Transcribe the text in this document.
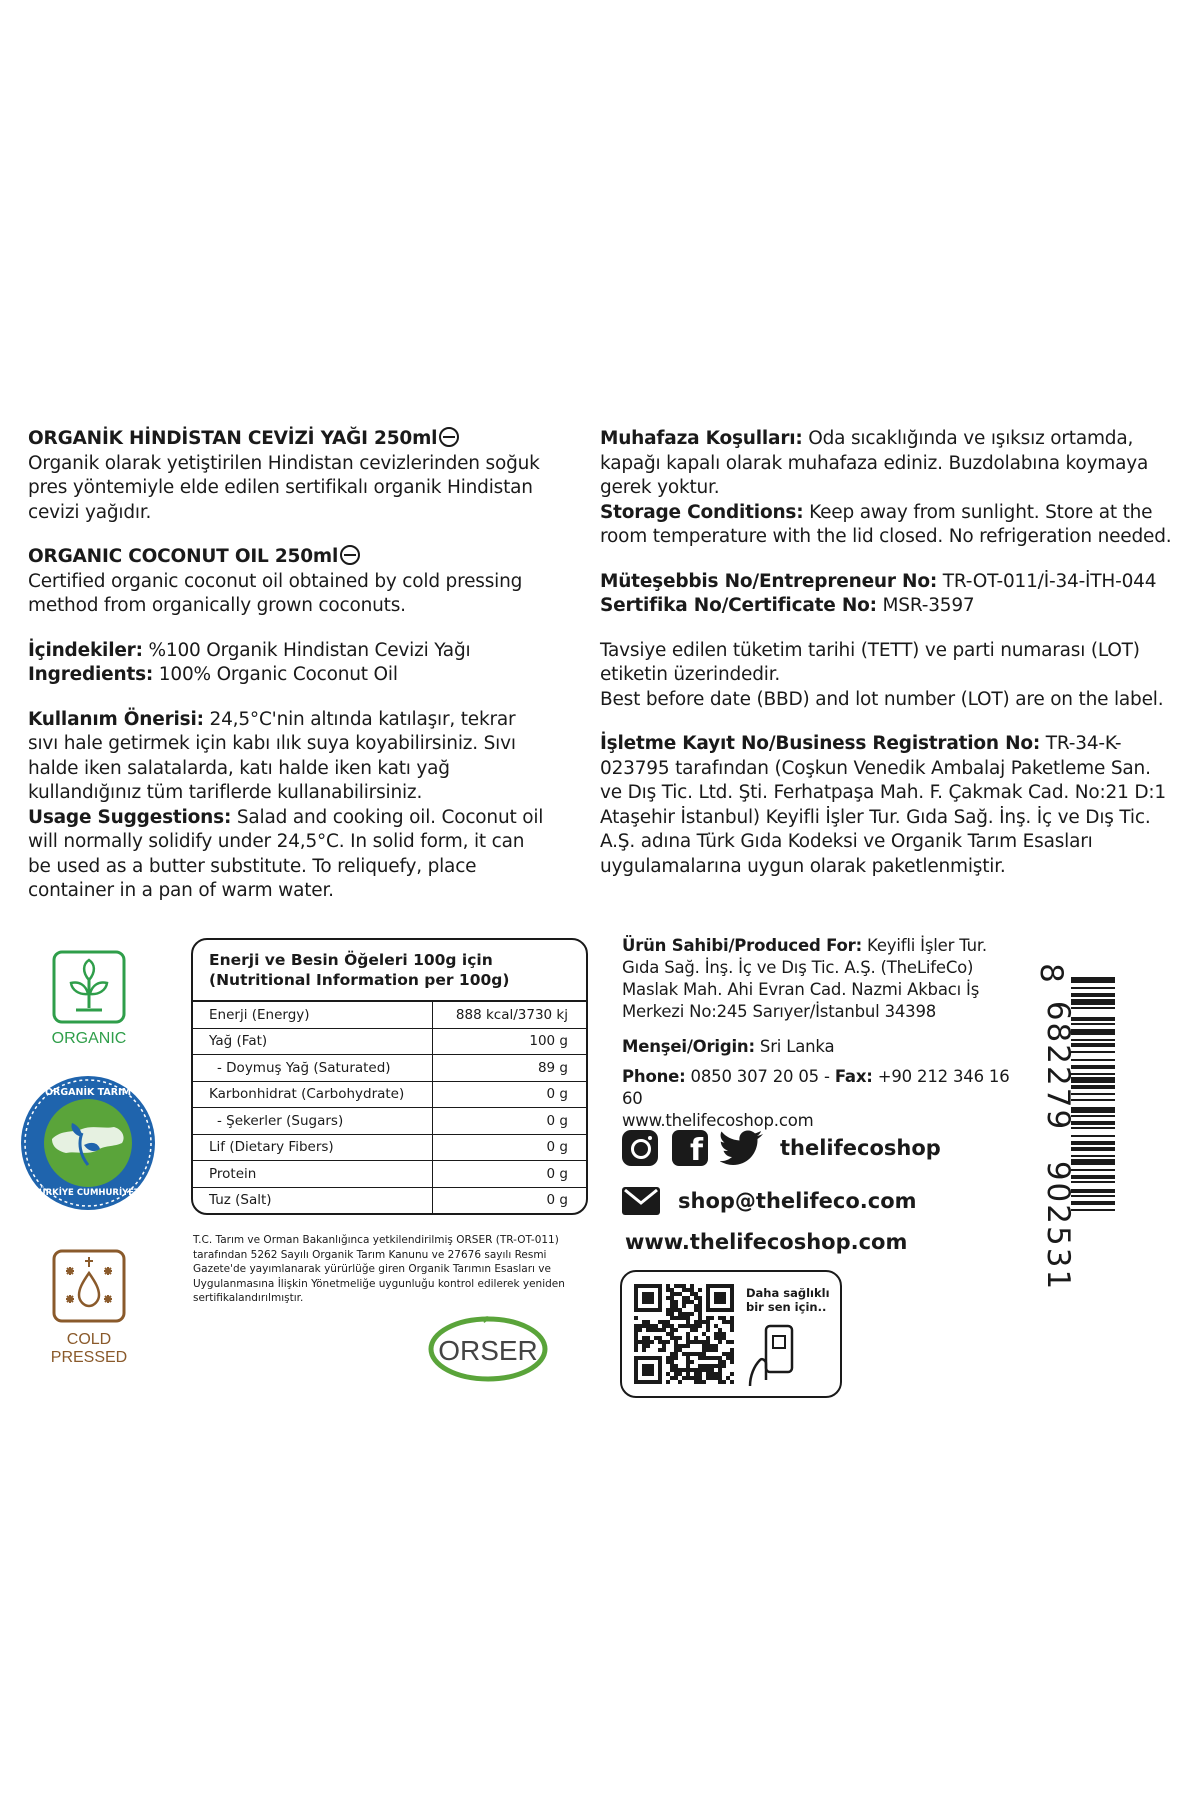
ORGANİK HİNDİSTAN CEVİZİ YAĞI 250ml

Organik olarak yetiştirilen Hindistan cevizlerinden soğuk pres yöntemiyle elde edilen sertifikalı organik Hindistan cevizi yağıdır.

ORGANIC COCONUT OIL 250ml

Certified organic coconut oil obtained by cold pressing method from organically grown coconuts.

İçindekiler: %100 Organik Hindistan Cevizi Yağı

Ingredients: 100% Organic Coconut Oil

Kullanım Önerisi: 24,5°C'nin altında katılaşır, tekrar sıvı hale getirmek için kabı ılık suya koyabilirsiniz. Sıvı halde iken salatalarda, katı halde iken katı yağ kullandığınız tüm tariflerde kullanabilirsiniz.

Usage Suggestions: Salad and cooking oil. Coconut oil will normally solidify under 24,5°C. In solid form, it can be used as a butter substitute. To reliquefy, place container in a pan of warm water.

Muhafaza Koşulları: Oda sıcaklığında ve ışıksız ortamda, kapağı kapalı olarak muhafaza ediniz. Buzdolabına koymaya gerek yoktur.

Storage Conditions: Keep away from sunlight. Store at the room temperature with the lid closed. No refrigeration needed.

Müteşebbis No/Entrepreneur No: TR-OT-011/İ-34-İTH-044

Sertifika No/Certificate No: MSR-3597

Tavsiye edilen tüketim tarihi (TETT) ve parti numarası (LOT) etiketin üzerindedir.

Best before date (BBD) and lot number (LOT) are on the label.

İşletme Kayıt No/Business Registration No: TR-34-K-023795 tarafından (Coşkun Venedik Ambalaj Paketleme San. ve Dış Tic. Ltd. Şti. Ferhatpaşa Mah. F. Çakmak Cad. No:21 D:1 Ataşehir İstanbul) Keyifli İşler Tur. Gıda Sağ. İnş. İç ve Dış Tic. A.Ş. adına Türk Gıda Kodeksi ve Organik Tarım Esasları uygulamalarına uygun olarak paketlenmiştir.

ORGANIC
ORGANİK TARIM
TÜRKİYE CUMHURİYETİ
COLD
PRESSED
Enerji ve Besin Öğeleri 100g için
(Nutritional Information per 100g)
Enerji (Energy)	888 kcal/3730 kj
Yağ (Fat)	100 g
- Doymuş Yağ (Saturated)	89 g
Karbonhidrat (Carbohydrate)	0 g
- Şekerler (Sugars)	0 g
Lif (Dietary Fibers)	0 g
Protein	0 g
Tuz (Salt)	0 g
T.C. Tarım ve Orman Bakanlığınca yetkilendirilmiş ORSER (TR-OT-011) tarafından 5262 Sayılı Organik Tarım Kanunu ve 27676 sayılı Resmi Gazete'de yayımlanarak yürürlüğe giren Organik Tarımın Esasları ve Uygulanmasına İlişkin Yönetmeliğe uygunluğu kontrol edilerek yeniden sertifikalandırılmıştır.
ORSER

Ürün Sahibi/Produced For: Keyifli İşler Tur. Gıda Sağ. İnş. İç ve Dış Tic. A.Ş. (TheLifeCo) Maslak Mah. Ahi Evran Cad. Nazmi Akbacı İş Merkezi No:245 Sarıyer/İstanbul 34398

Menşei/Origin: Sri Lanka

Phone: 0850 307 20 05 - Fax: +90 212 346 16 60

www.thelifecoshop.com

f	thelifecoshop
shop@thelifeco.com
www.thelifecoshop.com
Daha sağlıklı bir sen için..
8
682279
902531
